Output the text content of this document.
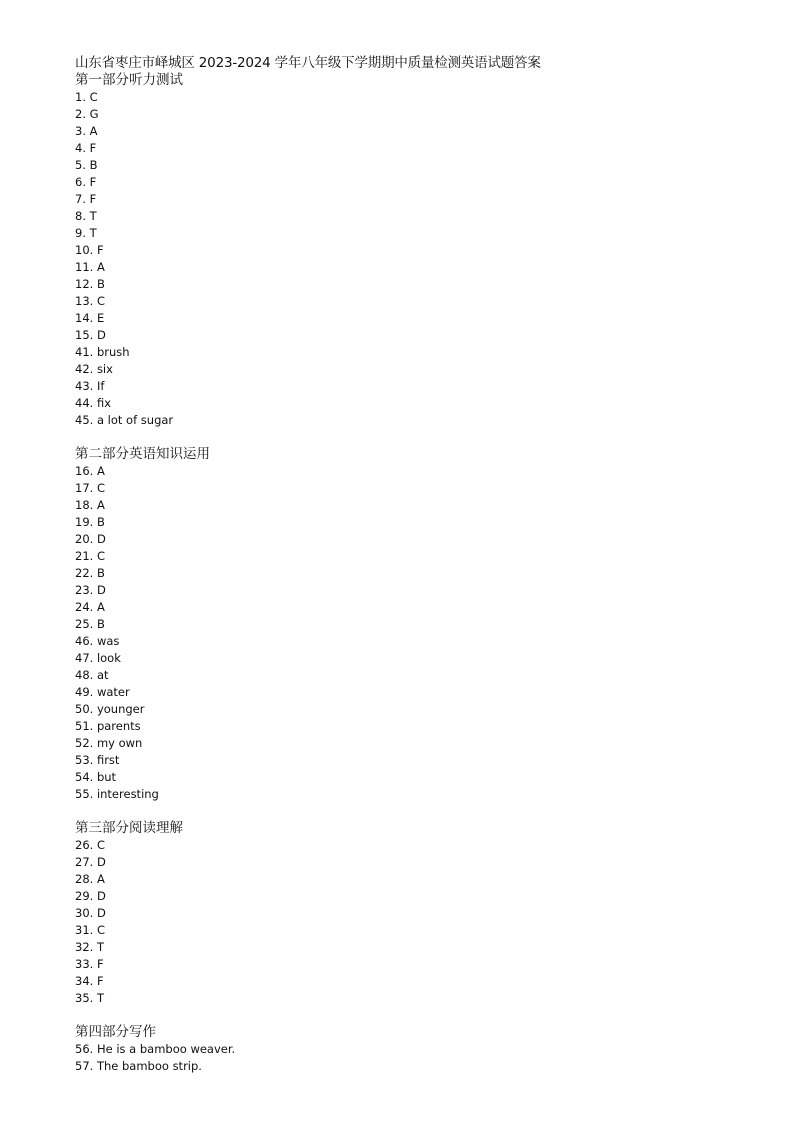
山东省枣庄市峄城区 2023-2024 学年八年级下学期期中质量检测英语试题答案
第一部分听力测试
1. C
2. G
3. A
4. F
5. B
6. F
7. F
8. T
9. T
10. F
11. A
12. B
13. C
14. E
15. D
41. brush
42. six
43. If
44. fix
45. a lot of sugar
第二部分英语知识运用
16. A
17. C
18. A
19. B
20. D
21. C
22. B
23. D
24. A
25. B
46. was
47. look
48. at
49. water
50. younger
51. parents
52. my own
53. first
54. but
55. interesting
第三部分阅读理解
26. C
27. D
28. A
29. D
30. D
31. C
32. T
33. F
34. F
35. T
第四部分写作
56. He is a bamboo weaver.
57. The bamboo strip.
